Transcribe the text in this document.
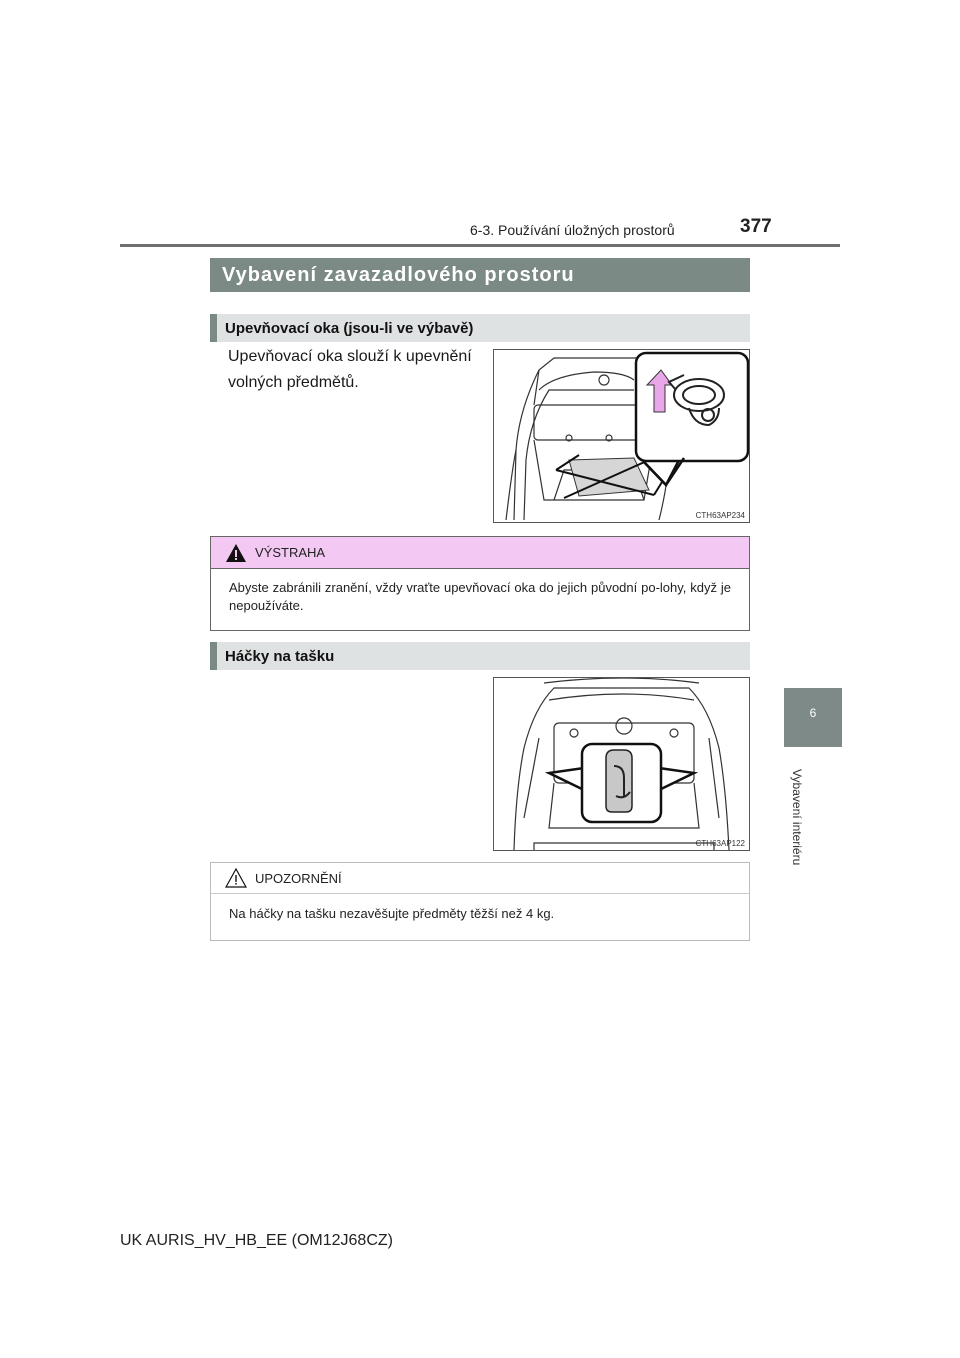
6-3. Používání úložných prostorů	377
6
Vybavení interiéru
Vybavení zavazadlového prostoru
Upevňovací oka (jsou-li ve výbavě)
Upevňovací oka slouží k upevnění volných předmětů.
CTH63AP234
VÝSTRAHA
Abyste zabránili zranění, vždy vraťte upevňovací oka do jejich původní po-lohy, když je nepoužíváte.
Háčky na tašku
CTH63AP122
UPOZORNĚNÍ
Na háčky na tašku nezavěšujte předměty těžší než 4 kg.
UK AURIS_HV_HB_EE (OM12J68CZ)
